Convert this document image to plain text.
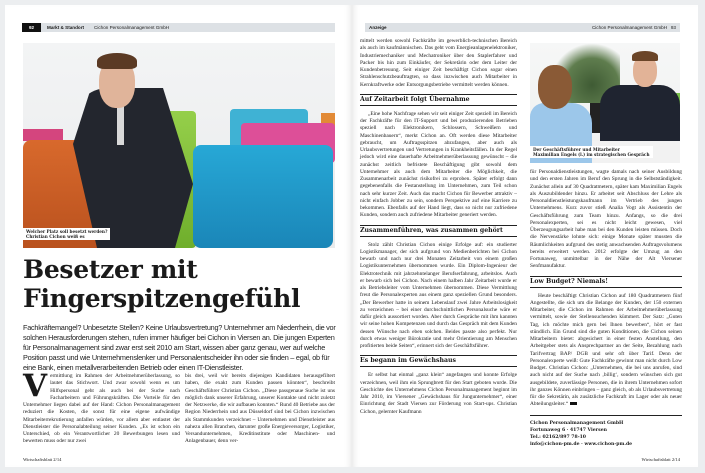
92	Markt & Standort Cichon Personalmanagement GmbH
Welcher Platz soll besetzt werden?
Christian Cichon weiß es
Besetzer mit
Fingerspitzengefühl
Fachkräftemangel? Unbesetzte Stellen? Keine Urlaubsvertretung? Unternehmer am Niederrhein, die vor solchen Herausforderungen stehen, rufen immer häufiger bei Cichon in Viersen an. Die jungen Experten für Personalmanagement sind zwar erst seit 2010 am Start, wissen aber ganz genau, wer auf welche Position passt und wie Unternehmenslenker und Personalentscheider ihn oder sie finden – egal, ob für eine Bank, einen metallverarbeitenden Betrieb oder einen IT-Dienstleister.

Vermittlung im Rahmen der Arbeitnehmerüberlassung, so lautet das Stichwort. Und zwar sowohl wenn es um Hilfspersonal geht als auch bei der Suche nach Facharbeitern und Führungskräften. Die Vorteile für den Unternehmer liegen dabei auf der Hand: Cichon Personalmanagement reduziert die Kosten, die sonst für eine eigene aufwändige Mitarbeiterrekrutierung anfallen würden, vor allem aber entlastet der Dienstleister die Personalabteilung seiner Kunden. „Es ist schon ein Unterschied, ob ein Verantwortlicher 20 Bewerbungen lesen und bewerten muss oder nur zwei

bis drei, weil wir bereits diejenigen Kandidaten herausgefiltert haben, die exakt zum Kunden passen könnten“, beschreibt Geschäftsführer Christian Cichon. „Diese passgenaue Suche ist uns möglich dank unserer Erfahrung, unserer Kontakte und nicht zuletzt der Netzwerke, die wir aufbauen konnten.“ Rund 40 Betriebe aus der Region Niederrhein und aus Düsseldorf sind bei Cichon inzwischen als Stammkunden verzeichnet – Unternehmen und Dienstleister aus nahezu allen Branchen, darunter große Energieversorger, Logistiker, Versandunternehmen, Kreditinstitute oder Maschinen- und Anlagenbauer, denn ver-

Wirtschaftsblatt 2/14
Anzeige	Cichon Personalmanagement GmbH 93

mittelt werden sowohl Fachkräfte im gewerblich-technischen Bereich als auch im kaufmännischen. Das geht vom Energieanlagenelektroniker, Industriemechaniker und Mechatroniker über den Staplerfahrer und Packer bis hin zum Einkäufer, der Sekretärin oder dem Leiter der Kundenbetreuung. Seit einiger Zeit beschäftigt Cichon sogar einen Strahlenschutzbeauftragten, so dass inzwischen auch Mitarbeiter in Kernkraftwerke oder Entsorgungsbetriebe vermittelt werden können.

Auf Zeitarbeit folgt Übernahme

„Eine hohe Nachfrage sehen wir seit einiger Zeit speziell im Bereich der Fachkräfte für den IT-Support und bei produzierenden Betrieben speziell nach Elektronikern, Schlossern, Schweißern und Maschinenbauern“, merkt Cichon an. Oft werden diese Mitarbeiter gebraucht, um Auftragsspitzen abzufangen, aber auch als Urlaubsvertretungen und Vertretungen in Krankheitsfällen. In der Regel jedoch wird eine dauerhafte Arbeitnehmerüberlassung gewünscht – die zunächst zeitlich befristete Beschäftigung gibt sowohl dem Unternehmer als auch dem Mitarbeiter die Möglichkeit, die Zusammenarbeit zunächst risikofrei zu erproben. Später erfolgt dann gegebenenfalls die Festanstellung im Unternehmen, zum Teil schon nach sehr kurzer Zeit. Auch das macht Cichon für Bewerber attraktiv – nicht einfach Jobber zu sein, sondern Perspektive auf eine Karriere zu bekommen. Ebenfalls auf der Hand liegt, dass so nicht nur zufriedene Kunden, sondern auch zufriedene Mitarbeiter generiert werden.

Zusammenführen, was zusammen gehört

Stolz zählt Christian Cichon einige Erfolge auf: ein studierter Logistikmanager, der sich aufgrund von Medienberichten bei Cichon bewarb und nach nur drei Monaten Zeitarbeit von einem großen Logistikunternehmen übernommen wurde. Ein Diplom-Ingenieur der Elektrotechnik mit jahrzehntelanger Berufserfahrung, arbeitslos. Auch er bewarb sich bei Cichon. Nach einem halben Jahr Zeitarbeit wurde er als Betriebsleiter vom Unternehmen übernommen. Diese Vermittlung freut die Personalexperten aus einem ganz speziellen Grund besonders. „Der Bewerber hatte in seinem Lebenslauf zwei Jahre Arbeitslosigkeit zu verzeichnen – bei einer durchschnittlichen Personalsuche wäre er dafür gleich aussortiert worden. Aber durch Gespräche mit ihm kannten wir seine hohen Kompetenzen und durch das Gespräch mit dem Kunden dessen Wünsche nach eben solchen. Beides passte also perfekt. Nur durch etwas weniger Bürokratie und mehr Orientierung am Menschen profitierten beide Seiten“, erinnert sich der Geschäftsführer.

Es begann im Gewächshaus

Er selbst hat einmal „ganz klein“ angefangen und konnte Erfolge verzeichnen, weil ihm ein Sprungbrett für den Start geboten wurde. Die Geschichte des Unternehmens Cichon Personalmanagement beginnt im Jahr 2010, im Viersener „Gewächshaus für Jungunternehmer“, einer Einrichtung der Stadt Viersen zur Förderung von Start-ups. Christian Cichon, gelernter Kaufmann

Der Geschäftsführer und Mitarbeiter
Maximilian Engels (l.) im strategischen Gespräch

für Personaldienstleistungen, wagte damals nach seiner Ausbildung und den ersten Jahren im Beruf den Sprung in die Selbstständigkeit. Zunächst allein auf 30 Quadratmetern, später kam Maximilian Engels als Auszubildender hinzu. Er arbeitet seit Abschluss der Lehre als Personaldienstleistungskaufmann im Vertrieb des jungen Unternehmens. Kurz zuvor stieß Analia Vogt als Assistentin der Geschäftsführung zum Team hinzu. Anfangs, so die drei Personalexperten, sei es nicht leicht gewesen, viel Überzeugungsarbeit habe man bei den Kunden leisten müssen. Doch die Nervenstärke lohnte sich: einige Monate später mussten die Räumlichkeiten aufgrund des stetig anwachsenden Auftragsvolumens bereits erweitert werden. 2012 erfolgte der Umzug an den Fortunaweg, unmittelbar in der Nähe der Alt Viersener Senfmanufaktur.

Low Budget? Niemals!

Heute beschäftigt Christian Cichon auf 180 Quadratmetern fünf Angestellte, die sich um die Belange der Kunden, der 150 externen Mitarbeiter, die Cichon im Rahmen der Arbeitnehmerüberlassung vermittelt, sowie der Stellensuchenden kümmert. Der Satz: „Guten Tag, ich möchte mich gern bei Ihnen bewerben“, hört er fast stündlich. Ein Grund sind die guten Konditionen, die Cichon seinen Mitarbeitern bietet: abgesichert in einer festen Anstellung, den Arbeitgeber stets als Ansprechpartner an der Seite, Bezahlung nach Tarifvertrag BAP/ DGB und sehr oft über Tarif. Denn der Personalexperte weiß: Gute Fachkräfte gewinnt man nicht durch Low Budget. Christian Cichon: „Unternehmen, die bei uns anrufen, sind auch nicht auf der Suche nach ‚billig‘, sondern wünschen sich gut ausgebildete, zuverlässige Personen, die in ihrem Unternehmen sofort ihr ganzes Können einbringen – ganz gleich, ob als Urlaubsvertretung für die Sekretärin, als zusätzliche Fachkraft im Lager oder als neuer Abteilungsleiter.“

Cichon Personalmanagement GmbH
Fortunaweg 6 · 41747 Viersen
Tel.: 02162/897 78-10
info@cichon-pm.de · www.cichon-pm.de
Wirtschaftsblatt 2/14
